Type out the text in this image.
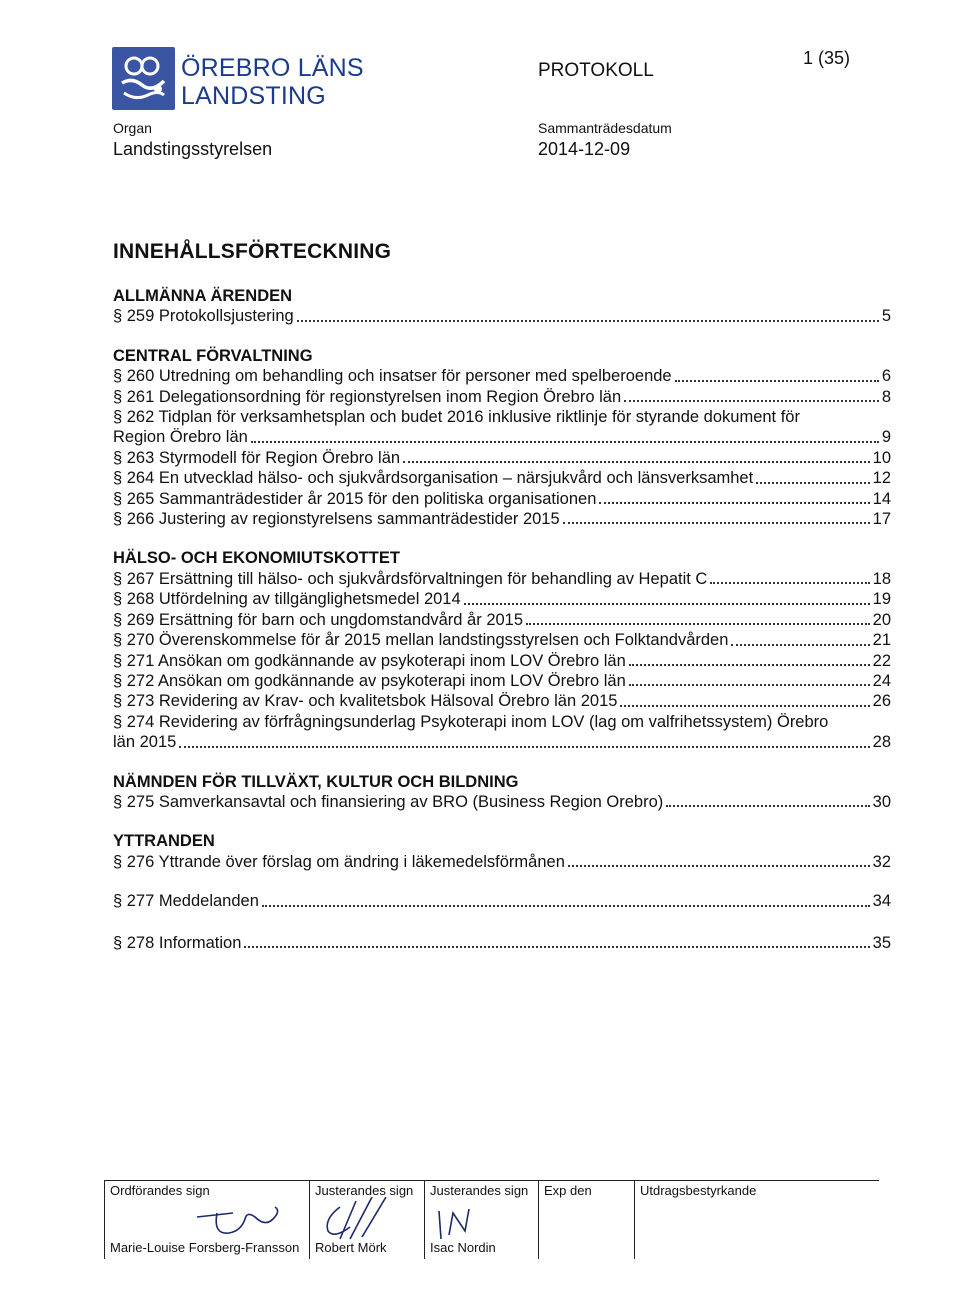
ÖREBRO LÄNS
LANDSTING
PROTOKOLL
1 (35)
Organ
Landstingsstyrelsen
Sammanträdesdatum
2014-12-09
INNEHÅLLSFÖRTECKNING
ALLMÄNNA ÄRENDEN
§ 259 Protokollsjustering	5
CENTRAL FÖRVALTNING
§ 260 Utredning om behandling och insatser för personer med spelberoende	6
§ 261 Delegationsordning för regionstyrelsen inom Region Örebro län	8
§ 262 Tidplan för verksamhetsplan och budet 2016 inklusive riktlinje för styrande dokument för
Region Örebro län	9
§ 263 Styrmodell för Region Örebro län	10
§ 264 En utvecklad hälso- och sjukvårdsorganisation – närsjukvård och länsverksamhet	12
§ 265 Sammanträdestider år 2015 för den politiska organisationen	14
§ 266 Justering av regionstyrelsens sammanträdestider 2015	17
HÄLSO- OCH EKONOMIUTSKOTTET
§ 267 Ersättning till hälso- och sjukvårdsförvaltningen för behandling av Hepatit C	18
§ 268 Utfördelning av tillgänglighetsmedel 2014	19
§ 269 Ersättning för barn och ungdomstandvård år 2015	20
§ 270 Överenskommelse för år 2015 mellan landstingsstyrelsen och Folktandvården	21
§ 271 Ansökan om godkännande av psykoterapi inom LOV Örebro län	22
§ 272 Ansökan om godkännande av psykoterapi inom LOV Örebro län	24
§ 273 Revidering av Krav- och kvalitetsbok Hälsoval Örebro län 2015	26
§ 274 Revidering av förfrågningsunderlag Psykoterapi inom LOV (lag om valfrihetssystem) Örebro
län 2015	28
NÄMNDEN FÖR TILLVÄXT, KULTUR OCH BILDNING
§ 275 Samverkansavtal och finansiering av BRO (Business Region Orebro)	30
YTTRANDEN
§ 276 Yttrande över förslag om ändring i läkemedelsförmånen	32
§ 277 Meddelanden	34
§ 278 Information	35
Ordförandes sign
Marie-Louise Forsberg-Fransson
Justerandes sign
Robert Mörk
Justerandes sign
Isac Nordin
Exp den	Utdragsbestyrkande
